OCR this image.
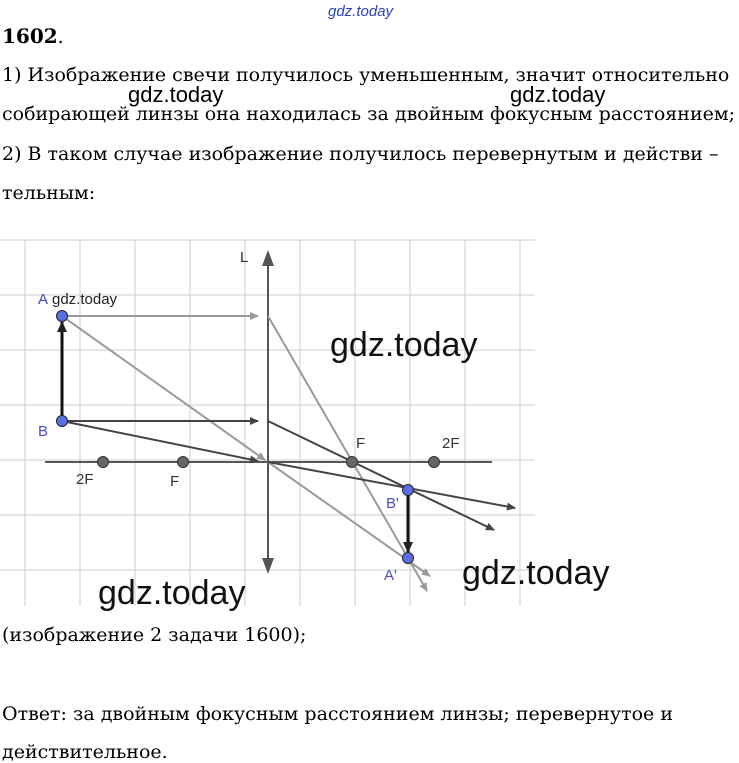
gdz.today
1602.
1) Изображение свечи получилось уменьшенным, значит относительно
собирающей линзы она находилась за двойным фокусным расстоянием;
2) В таком случае изображение получилось перевернутым и действи –
тельным:
gdz.today	gdz.today
L
A
B
2F	F
F	2F
B'
A'
gdz.today
gdz.today
gdz.today
gdz.today
(изображение 2 задачи 1600);
Ответ: за двойным фокусным расстоянием линзы; перевернутое и
действительное.
